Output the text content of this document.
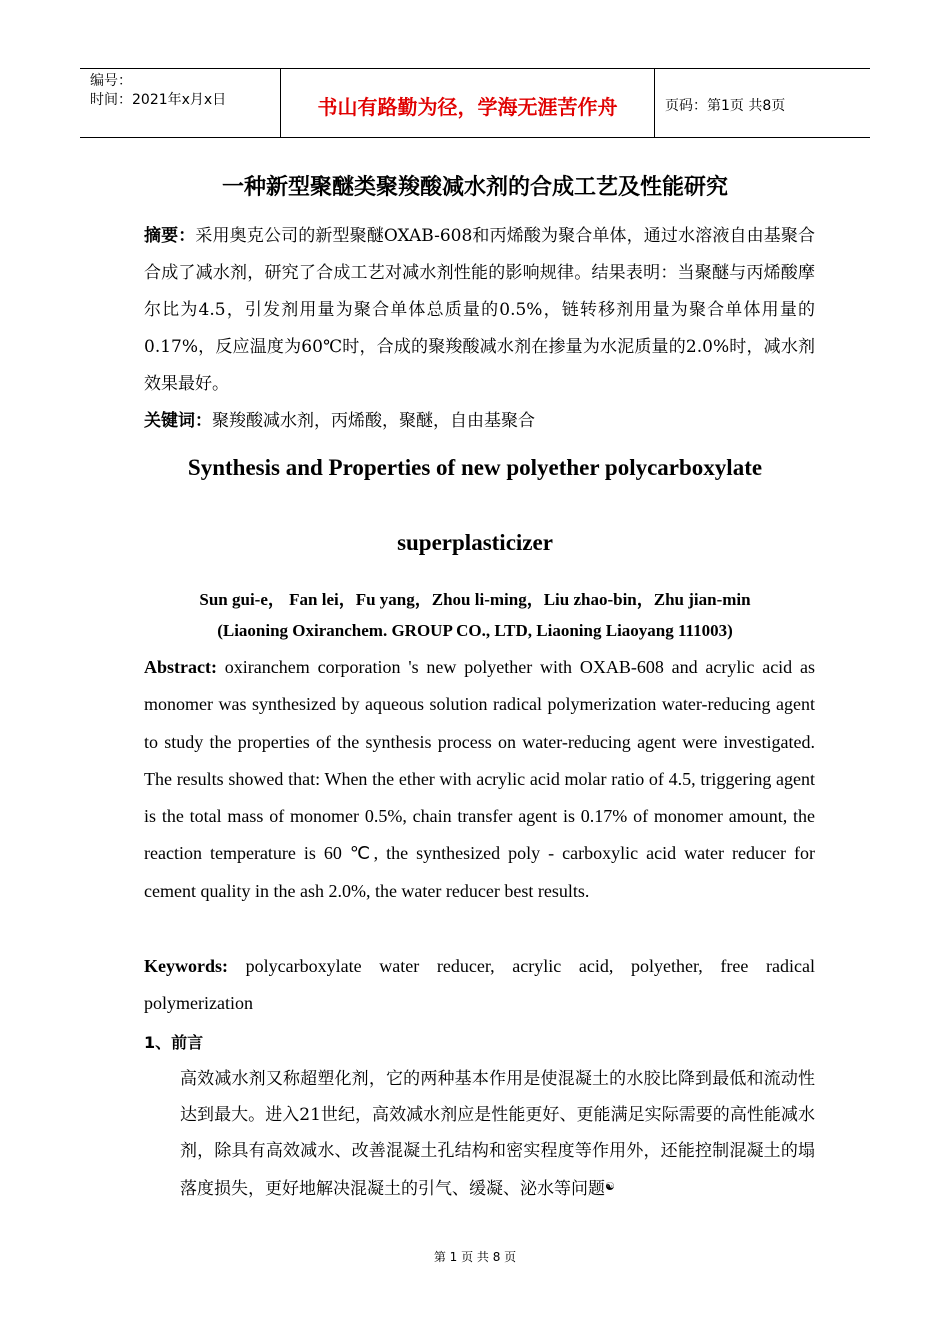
编号：
时间：2021年x月x日	书山有路勤为径，学海无涯苦作舟	页码：第1页 共8页
一种新型聚醚类聚羧酸减水剂的合成工艺及性能研究
摘要：采用奥克公司的新型聚醚OXAB-608和丙烯酸为聚合单体，通过水溶液自由基聚合合成了减水剂，研究了合成工艺对减水剂性能的影响规律。结果表明：当聚醚与丙烯酸摩尔比为4.5，引发剂用量为聚合单体总质量的0.5%，链转移剂用量为聚合单体用量的0.17%，反应温度为60℃时，合成的聚羧酸减水剂在掺量为水泥质量的2.0%时，减水剂效果最好。
关键词：聚羧酸减水剂，丙烯酸，聚醚，自由基聚合
Synthesis and Properties of new polyether polycarboxylate
superplasticizer
Sun gui-e， Fan lei，Fu yang，Zhou li-ming，Liu zhao-bin，Zhu jian-min
(Liaoning Oxiranchem. GROUP CO., LTD, Liaoning Liaoyang 111003)
Abstract: oxiranchem corporation 's new polyether with OXAB-608 and acrylic acid as monomer was synthesized by aqueous solution radical polymerization water-reducing agent to study the properties of the synthesis process on water-reducing agent were investigated. The results showed that: When the ether with acrylic acid molar ratio of 4.5, triggering agent is the total mass of monomer 0.5%, chain transfer agent is 0.17% of monomer amount, the reaction temperature is 60 ℃, the synthesized poly - carboxylic acid water reducer for cement quality in the ash 2.0%, the water reducer best results.
Keywords: polycarboxylate water reducer, acrylic acid, polyether, free radical polymerization
1、前言
高效减水剂又称超塑化剂，它的两种基本作用是使混凝土的水胶比降到最低和流动性达到最大。进入21世纪，高效减水剂应是性能更好、更能满足实际需要的高性能减水剂，除具有高效减水、改善混凝土孔结构和密实程度等作用外，还能控制混凝土的塌落度损失，更好地解决混凝土的引气、缓凝、泌水等问题☯
第 1 页 共 8 页
